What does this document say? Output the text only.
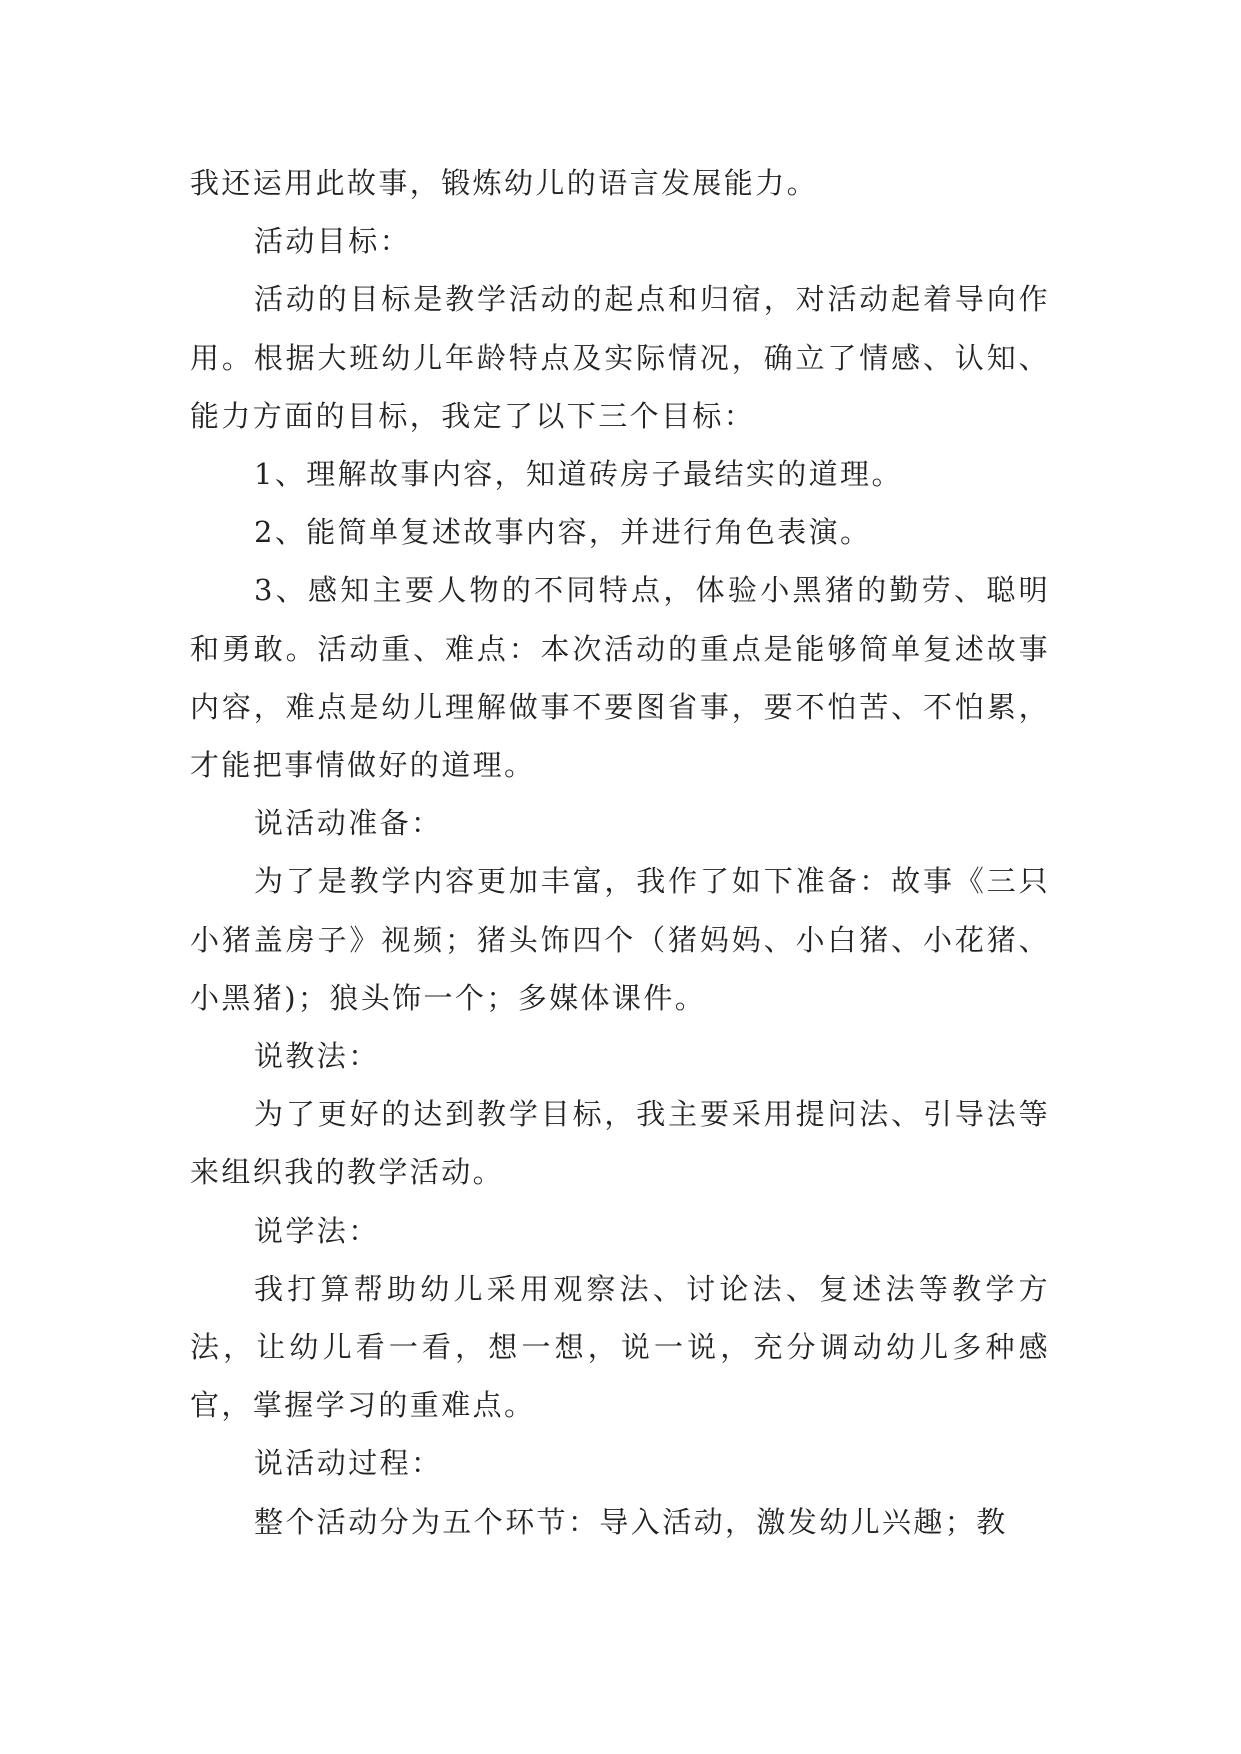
我还运用此故事，锻炼幼儿的语言发展能力。

活动目标：

活动的目标是教学活动的起点和归宿，对活动起着导向作用。根据大班幼儿年龄特点及实际情况，确立了情感、认知、能力方面的目标，我定了以下三个目标：

1、理解故事内容，知道砖房子最结实的道理。

2、能简单复述故事内容，并进行角色表演。

3、感知主要人物的不同特点，体验小黑猪的勤劳、聪明和勇敢。活动重、难点：本次活动的重点是能够简单复述故事内容，难点是幼儿理解做事不要图省事，要不怕苦、不怕累，才能把事情做好的道理。

说活动准备：

为了是教学内容更加丰富，我作了如下准备：故事《三只小猪盖房子》视频；猪头饰四个（猪妈妈、小白猪、小花猪、小黑猪)；狼头饰一个；多媒体课件。

说教法：

为了更好的达到教学目标，我主要采用提问法、引导法等来组织我的教学活动。

说学法：

我打算帮助幼儿采用观察法、讨论法、复述法等教学方法，让幼儿看一看，想一想，说一说，充分调动幼儿多种感官，掌握学习的重难点。

说活动过程：

整个活动分为五个环节：导入活动，激发幼儿兴趣；教
